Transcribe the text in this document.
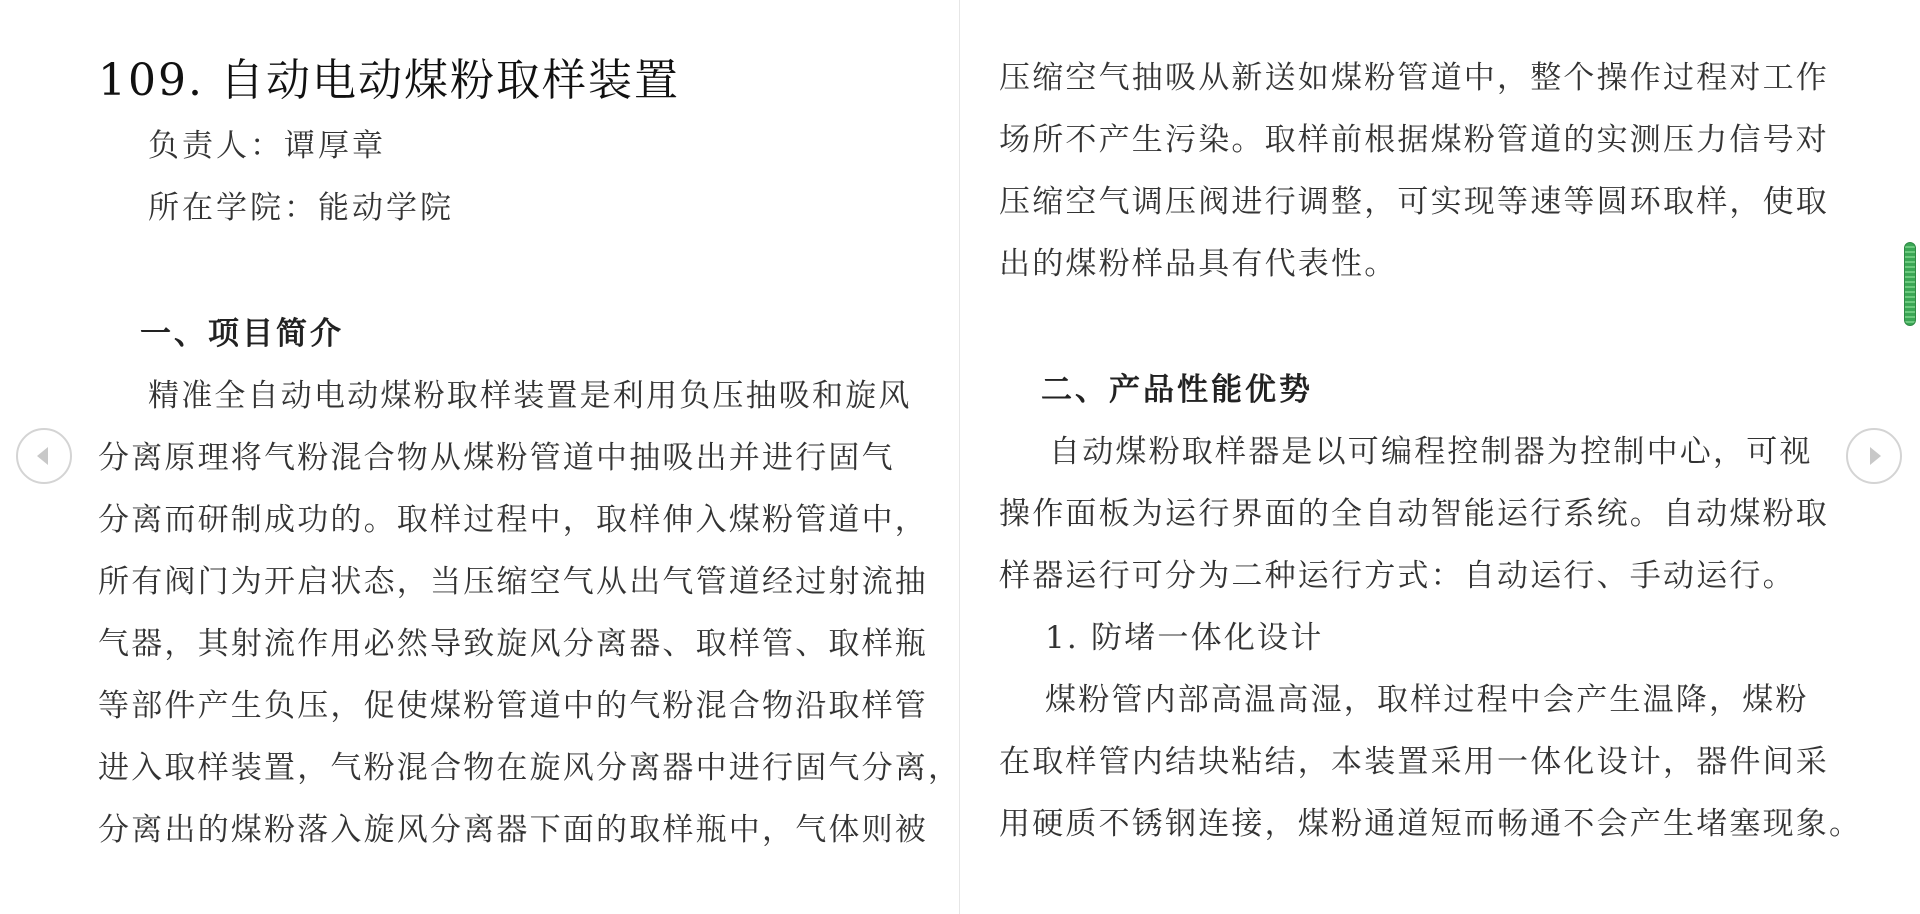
109. 自动电动煤粉取样装置
负责人：谭厚章
所在学院：能动学院
一、项目简介
精准全自动电动煤粉取样装置是利用负压抽吸和旋风
分离原理将气粉混合物从煤粉管道中抽吸出并进行固气
分离而研制成功的。取样过程中，取样伸入煤粉管道中，
所有阀门为开启状态，当压缩空气从出气管道经过射流抽
气器，其射流作用必然导致旋风分离器、取样管、取样瓶
等部件产生负压，促使煤粉管道中的气粉混合物沿取样管
进入取样装置，气粉混合物在旋风分离器中进行固气分离，
分离出的煤粉落入旋风分离器下面的取样瓶中，气体则被
压缩空气抽吸从新送如煤粉管道中，整个操作过程对工作
场所不产生污染。取样前根据煤粉管道的实测压力信号对
压缩空气调压阀进行调整，可实现等速等圆环取样，使取
出的煤粉样品具有代表性。
二、产品性能优势
自动煤粉取样器是以可编程控制器为控制中心，可视
操作面板为运行界面的全自动智能运行系统。自动煤粉取
样器运行可分为二种运行方式：自动运行、手动运行。
1. 防堵一体化设计
煤粉管内部高温高湿，取样过程中会产生温降，煤粉
在取样管内结块粘结，本装置采用一体化设计，器件间采
用硬质不锈钢连接，煤粉通道短而畅通不会产生堵塞现象。
